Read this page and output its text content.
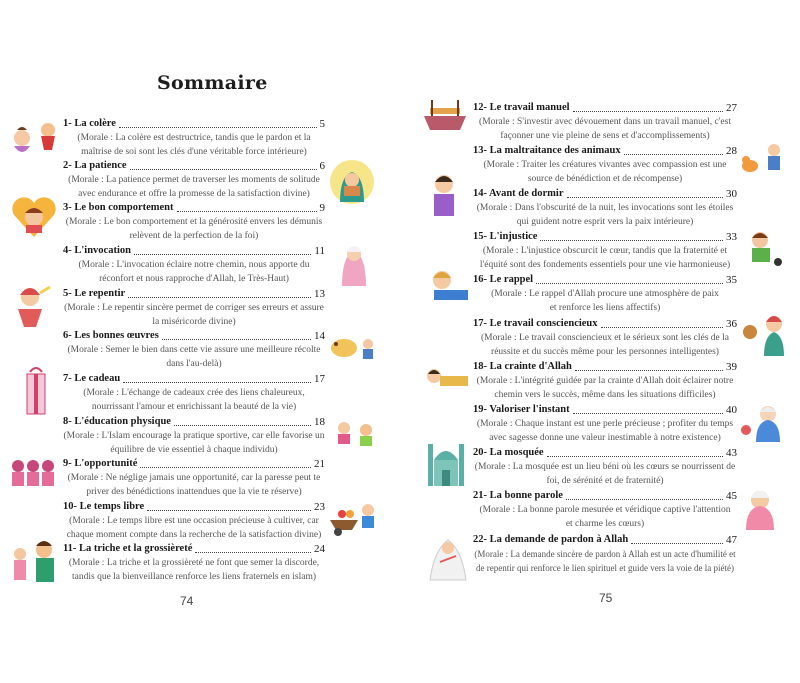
Sommaire
1- La colère	5
(Morale : La colère est destructrice, tandis que le pardon et la
maîtrise de soi sont les clés d'une véritable force intérieure)
2- La patience	6
(Morale : La patience permet de traverser les moments de solitude
avec endurance et offre la promesse de la satisfaction divine)
3- Le bon comportement	9
(Morale : Le bon comportement et la générosité envers les démunis
relèvent de la perfection de la foi)
4- L'invocation	11
(Morale : L'invocation éclaire notre chemin, nous apporte du
réconfort et nous rapproche d'Allah, le Très-Haut)
5- Le repentir	13
(Morale : Le repentir sincère permet de corriger ses erreurs et assure
la miséricorde divine)
6- Les bonnes œuvres	14
(Morale : Semer le bien dans cette vie assure une meilleure récolte
dans l'au-delà)
7- Le cadeau	17
(Morale : L'échange de cadeaux crée des liens chaleureux,
nourrissant l'amour et enrichissant la beauté de la vie)
8- L'éducation physique	18
(Morale : L'Islam encourage la pratique sportive, car elle favorise un
équilibre de vie essentiel à chaque individu)
9- L'opportunité	21
(Morale : Ne néglige jamais une opportunité, car la paresse peut te
priver des bénédictions inattendues que la vie te réserve)
10- Le temps libre	23
(Morale : Le temps libre est une occasion précieuse à cultiver, car
chaque moment compte dans la recherche de la satisfaction divine)
11- La triche et la grossièreté	24
(Morale : La triche et la grossièreté ne font que semer la discorde,
tandis que la bienveillance renforce les liens fraternels en islam)
74
12- Le travail manuel	27
(Morale : S'investir avec dévouement dans un travail manuel, c'est
façonner une vie pleine de sens et d'accomplissements)
13- La maltraitance des animaux	28
(Morale : Traiter les créatures vivantes avec compassion est une
source de bénédiction et de récompense)
14- Avant de dormir	30
(Morale : Dans l'obscurité de la nuit, les invocations sont les étoiles
qui guident notre esprit vers la paix intérieure)
15- L'injustice	33
(Morale : L'injustice obscurcit le cœur, tandis que la fraternité et
l'équité sont des fondements essentiels pour une vie harmonieuse)
16- Le rappel	35
(Morale : Le rappel d'Allah procure une atmosphère de paix
et renforce les liens affectifs)
17- Le travail consciencieux	36
(Morale : Le travail consciencieux et le sérieux sont les clés de la
réussite et du succès même pour les personnes intelligentes)
18- La crainte d'Allah	39
(Morale : L'intégrité guidée par la crainte d'Allah doit éclairer notre
chemin vers le succès, même dans les situations difficiles)
19- Valoriser l'instant	40
(Morale : Chaque instant est une perle précieuse ; profiter du temps
avec sagesse donne une valeur inestimable à notre existence)
20- La mosquée	43
(Morale : La mosquée est un lieu béni où les cœurs se nourrissent de
foi, de sérénité et de fraternité)
21- La bonne parole	45
(Morale : La bonne parole mesurée et véridique captive l'attention
et charme les cœurs)
22- La demande de pardon à Allah	47
(Morale : La demande sincère de pardon à Allah est un acte d'humilité et
de repentir qui renforce le lien spirituel et guide vers la voie de la piété)
75
